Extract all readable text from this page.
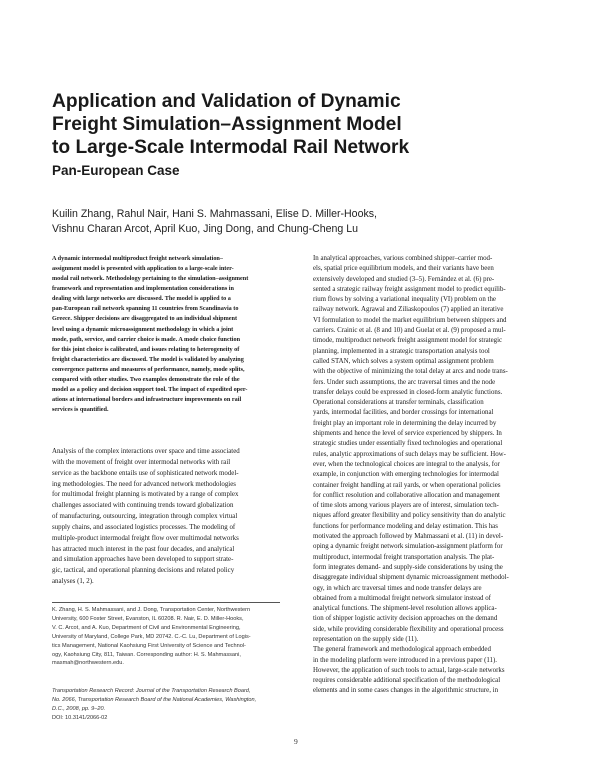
Application and Validation of Dynamic
Freight Simulation–Assignment Model
to Large-Scale Intermodal Rail Network
Pan-European Case
Kuilin Zhang, Rahul Nair, Hani S. Mahmassani, Elise D. Miller-Hooks,
Vishnu Charan Arcot, April Kuo, Jing Dong, and Chung-Cheng Lu
A dynamic intermodal multiproduct freight network simulation–
assignment model is presented with application to a large-scale inter-
modal rail network. Methodology pertaining to the simulation–assignment
framework and representation and implementation considerations in
dealing with large networks are discussed. The model is applied to a
pan-European rail network spanning 11 countries from Scandinavia to
Greece. Shipper decisions are disaggregated to an individual shipment
level using a dynamic microassignment methodology in which a joint
mode, path, service, and carrier choice is made. A mode choice function
for this joint choice is calibrated, and issues relating to heterogeneity of
freight characteristics are discussed. The model is validated by analyzing
convergence patterns and measures of performance, namely, mode splits,
compared with other studies. Two examples demonstrate the role of the
model as a policy and decision support tool. The impact of expedited oper-
ations at international borders and infrastructure improvements on rail
services is quantified.
Analysis of the complex interactions over space and time associated
with the movement of freight over intermodal networks with rail
service as the backbone entails use of sophisticated network model-
ing methodologies. The need for advanced network methodologies
for multimodal freight planning is motivated by a range of complex
challenges associated with continuing trends toward globalization
of manufacturing, outsourcing, integration through complex virtual
supply chains, and associated logistics processes. The modeling of
multiple-product intermodal freight flow over multimodal networks
has attracted much interest in the past four decades, and analytical
and simulation approaches have been developed to support strate-
gic, tactical, and operational planning decisions and related policy
analyses (1, 2).
K. Zhang, H. S. Mahmassani, and J. Dong, Transportation Center, Northwestern
University, 600 Foster Street, Evanston, IL 60208. R. Nair, E. D. Miller-Hooks,
V. C. Arcot, and A. Kuo, Department of Civil and Environmental Engineering,
University of Maryland, College Park, MD 20742. C.-C. Lu, Department of Logis-
tics Management, National Kaohsiung First University of Science and Technol-
ogy, Kaohsiung City, 811, Taiwan. Corresponding author: H. S. Mahmassani,
masmah@northwestern.edu.
Transportation Research Record: Journal of the Transportation Research Board,
No. 2066, Transportation Research Board of the National Academies, Washington,
D.C., 2008, pp. 9–20.
DOI: 10.3141/2066-02
In analytical approaches, various combined shipper–carrier mod-
els, spatial price equilibrium models, and their variants have been
extensively developed and studied (3–5). Fernández et al. (6) pre-
sented a strategic railway freight assignment model to predict equilib-
rium flows by solving a variational inequality (VI) problem on the
railway network. Agrawal and Ziliaskopoulos (7) applied an iterative
VI formulation to model the market equilibrium between shippers and
carriers. Crainic et al. (8 and 10) and Guelat et al. (9) proposed a mul-
timode, multiproduct network freight assignment model for strategic
planning, implemented in a strategic transportation analysis tool
called STAN, which solves a system optimal assignment problem
with the objective of minimizing the total delay at arcs and node trans-
fers. Under such assumptions, the arc traversal times and the node
transfer delays could be expressed in closed-form analytic functions.
Operational considerations at transfer terminals, classification
yards, intermodal facilities, and border crossings for international
freight play an important role in determining the delay incurred by
shipments and hence the level of service experienced by shippers. In
strategic studies under essentially fixed technologies and operational
rules, analytic approximations of such delays may be sufficient. How-
ever, when the technological choices are integral to the analysis, for
example, in conjunction with emerging technologies for intermodal
container freight handling at rail yards, or when operational policies
for conflict resolution and collaborative allocation and management
of time slots among various players are of interest, simulation tech-
niques afford greater flexibility and policy sensitivity than do analytic
functions for performance modeling and delay estimation. This has
motivated the approach followed by Mahmassani et al. (11) in devel-
oping a dynamic freight network simulation-assignment platform for
multiproduct, intermodal freight transportation analysis. The plat-
form integrates demand- and supply-side considerations by using the
disaggregate individual shipment dynamic microassignment methodol-
ogy, in which arc traversal times and node transfer delays are
obtained from a multimodal freight network simulator instead of
analytical functions. The shipment-level resolution allows applica-
tion of shipper logistic activity decision approaches on the demand
side, while providing considerable flexibility and operational process
representation on the supply side (11).
The general framework and methodological approach embedded
in the modeling platform were introduced in a previous paper (11).
However, the application of such tools to actual, large-scale networks
requires considerable additional specification of the methodological
elements and in some cases changes in the algorithmic structure, in
9
